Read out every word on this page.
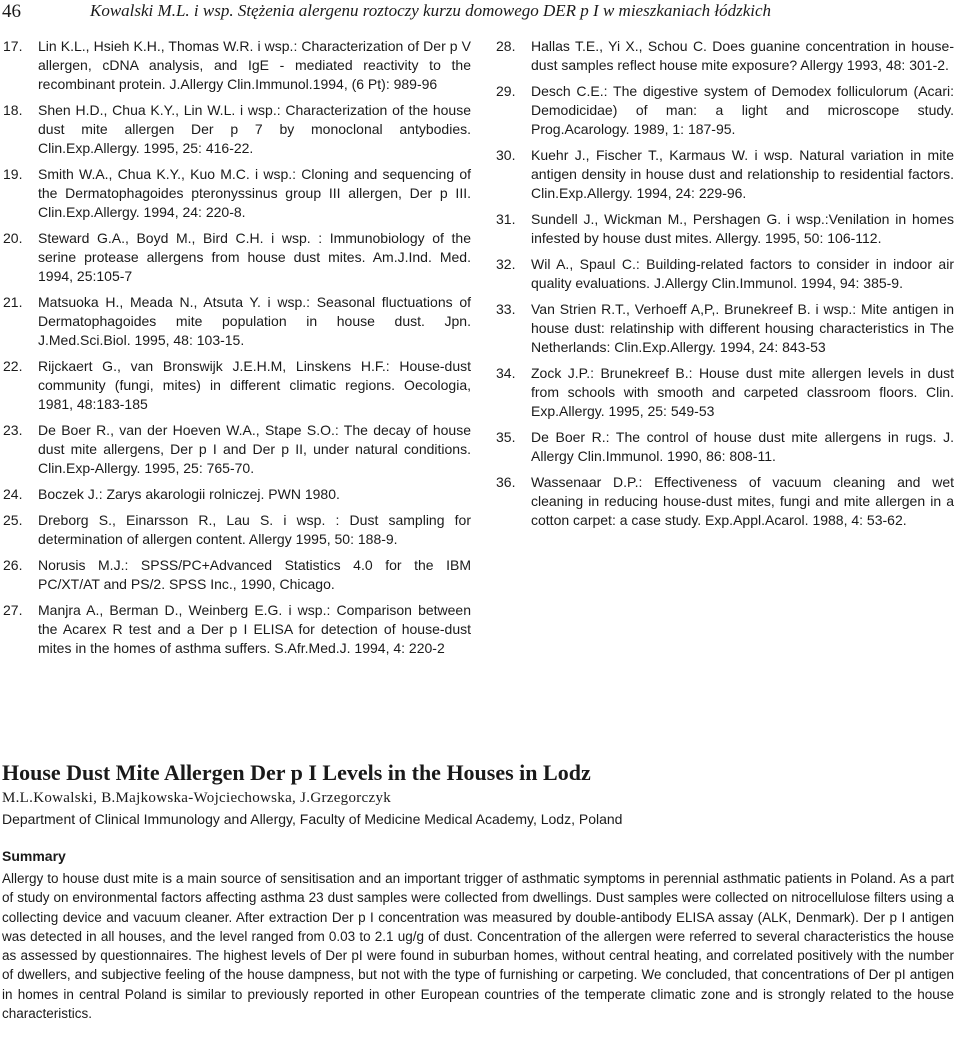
46	Kowalski M.L. i wsp. Stężenia alergenu roztoczy kurzu domowego DER p I w mieszkaniach łódzkich
17. Lin K.L., Hsieh K.H., Thomas W.R. i wsp.: Characterization of Der p V allergen, cDNA analysis, and IgE - mediated reactivity to the recombinant protein. J.Allergy Clin.Immunol.1994, (6 Pt): 989-96
18. Shen H.D., Chua K.Y., Lin W.L. i wsp.: Characterization of the house dust mite allergen Der p 7 by monoclonal antybodies. Clin.Exp.Allergy. 1995, 25: 416-22.
19. Smith W.A., Chua K.Y., Kuo M.C. i wsp.: Cloning and sequencing of the Dermatophagoides pteronyssinus group III allergen, Der p III. Clin.Exp.Allergy. 1994, 24: 220-8.
20. Steward G.A., Boyd M., Bird C.H. i wsp. : Immunobiology of the serine protease allergens from house dust mites. Am.J.Ind. Med. 1994, 25:105-7
21. Matsuoka H., Meada N., Atsuta Y. i wsp.: Seasonal fluctuations of Dermatophagoides mite population in house dust. Jpn. J.Med.Sci.Biol. 1995, 48: 103-15.
22. Rijckaert G., van Bronswijk J.E.H.M, Linskens H.F.: House-dust community (fungi, mites) in different climatic regions. Oecologia, 1981, 48:183-185
23. De Boer R., van der Hoeven W.A., Stape S.O.: The decay of house dust mite allergens, Der p I and Der p II, under natural conditions. Clin.Exp-Allergy. 1995, 25: 765-70.
24. Boczek J.: Zarys akarologii rolniczej. PWN 1980.
25. Dreborg S., Einarsson R., Lau S. i wsp. : Dust sampling for determination of allergen content. Allergy 1995, 50: 188-9.
26. Norusis M.J.: SPSS/PC+Advanced Statistics 4.0 for the IBM PC/XT/AT and PS/2. SPSS Inc., 1990, Chicago.
27. Manjra A., Berman D., Weinberg E.G. i wsp.: Comparison between the Acarex R test and a Der p I ELISA for detection of house-dust mites in the homes of asthma suffers. S.Afr.Med.J. 1994, 4: 220-2
28. Hallas T.E., Yi X., Schou C. Does guanine concentration in house-dust samples reflect house mite exposure? Allergy 1993, 48: 301-2.
29. Desch C.E.: The digestive system of Demodex folliculorum (Acari: Demodicidae) of man: a light and microscope study. Prog.Acarology. 1989, 1: 187-95.
30. Kuehr J., Fischer T., Karmaus W. i wsp. Natural variation in mite antigen density in house dust and relationship to residential factors. Clin.Exp.Allergy. 1994, 24: 229-96.
31. Sundell J., Wickman M., Pershagen G. i wsp.:Venilation in homes infested by house dust mites. Allergy. 1995, 50: 106-112.
32. Wil A., Spaul C.: Building-related factors to consider in indoor air quality evaluations. J.Allergy Clin.Immunol. 1994, 94: 385-9.
33. Van Strien R.T., Verhoeff A,P,. Brunekreef B. i wsp.: Mite antigen in house dust: relatinship with different housing characteristics in The Netherlands: Clin.Exp.Allergy. 1994, 24: 843-53
34. Zock J.P.: Brunekreef B.: House dust mite allergen levels in dust from schools with smooth and carpeted classroom floors. Clin. Exp.Allergy. 1995, 25: 549-53
35. De Boer R.: The control of house dust mite allergens in rugs. J. Allergy Clin.Immunol. 1990, 86: 808-11.
36. Wassenaar D.P.: Effectiveness of vacuum cleaning and wet cleaning in reducing house-dust mites, fungi and mite allergen in a cotton carpet: a case study. Exp.Appl.Acarol. 1988, 4: 53-62.
House Dust Mite Allergen Der p I Levels in the Houses in Lodz
M.L.Kowalski, B.Majkowska-Wojciechowska, J.Grzegorczyk
Department of Clinical Immunology and Allergy, Faculty of Medicine Medical Academy, Lodz, Poland
Summary
Allergy to house dust mite is a main source of sensitisation and an important trigger of asthmatic symptoms in perennial asthmatic patients in Poland. As a part of study on environmental factors affecting asthma 23 dust samples were collected from dwellings. Dust samples were collected on nitrocellulose filters using a collecting device and vacuum cleaner. After extraction Der p I concentration was measured by double-antibody ELISA assay (ALK, Denmark). Der p I antigen was detected in all houses, and the level ranged from 0.03 to 2.1 ug/g of dust. Concentration of the allergen were referred to several characteristics the house as assessed by questionnaires. The highest levels of Der pI were found in suburban homes, without central heating, and correlated positively with the number of dwellers, and subjective feeling of the house dampness, but not with the type of furnishing or carpeting. We concluded, that concentrations of Der pI antigen in homes in central Poland is similar to previously reported in other European countries of the temperate climatic zone and is strongly related to the house characteristics.
